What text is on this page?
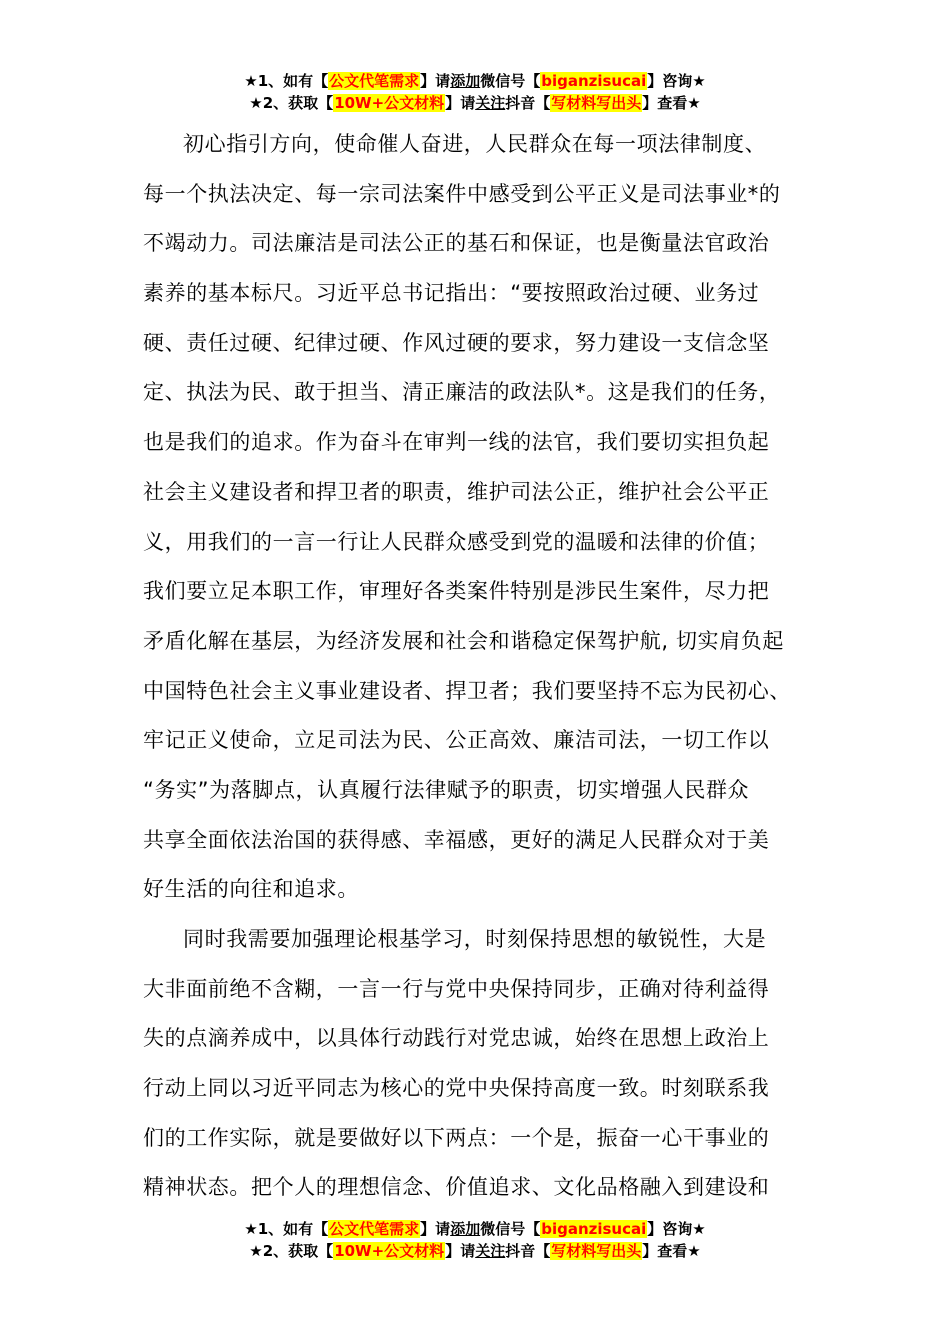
★1、如有【公文代笔需求】请添加微信号【biganzisucai】咨询★
★2、获取【10W+公文材料】请关注抖音【写材料写出头】查看★
初心指引方向，使命催人奋进，人民群众在每一项法律制度、
每一个执法决定、每一宗司法案件中感受到公平正义是司法事业*的
不竭动力。司法廉洁是司法公正的基石和保证，也是衡量法官政治
素养的基本标尺。习近平总书记指出：“要按照政治过硬、业务过
硬、责任过硬、纪律过硬、作风过硬的要求，努力建设一支信念坚
定、执法为民、敢于担当、清正廉洁的政法队*。这是我们的任务，
也是我们的追求。作为奋斗在审判一线的法官，我们要切实担负起
社会主义建设者和捍卫者的职责，维护司法公正，维护社会公平正
义，用我们的一言一行让人民群众感受到党的温暖和法律的价值；
我们要立足本职工作，审理好各类案件特别是涉民生案件，尽力把
矛盾化解在基层，为经济发展和社会和谐稳定保驾护航, 切实肩负起
中国特色社会主义事业建设者、捍卫者；我们要坚持不忘为民初心、
牢记正义使命，立足司法为民、公正高效、廉洁司法，一切工作以
“务实”为落脚点，认真履行法律赋予的职责，切实增强人民群众
共享全面依法治国的获得感、幸福感，更好的满足人民群众对于美
好生活的向往和追求。
同时我需要加强理论根基学习，时刻保持思想的敏锐性，大是
大非面前绝不含糊，一言一行与党中央保持同步，正确对待利益得
失的点滴养成中，以具体行动践行对党忠诚，始终在思想上政治上
行动上同以习近平同志为核心的党中央保持高度一致。时刻联系我
们的工作实际，就是要做好以下两点：一个是，振奋一心干事业的
精神状态。把个人的理想信念、价值追求、文化品格融入到建设和
★1、如有【公文代笔需求】请添加微信号【biganzisucai】咨询★
★2、获取【10W+公文材料】请关注抖音【写材料写出头】查看★
